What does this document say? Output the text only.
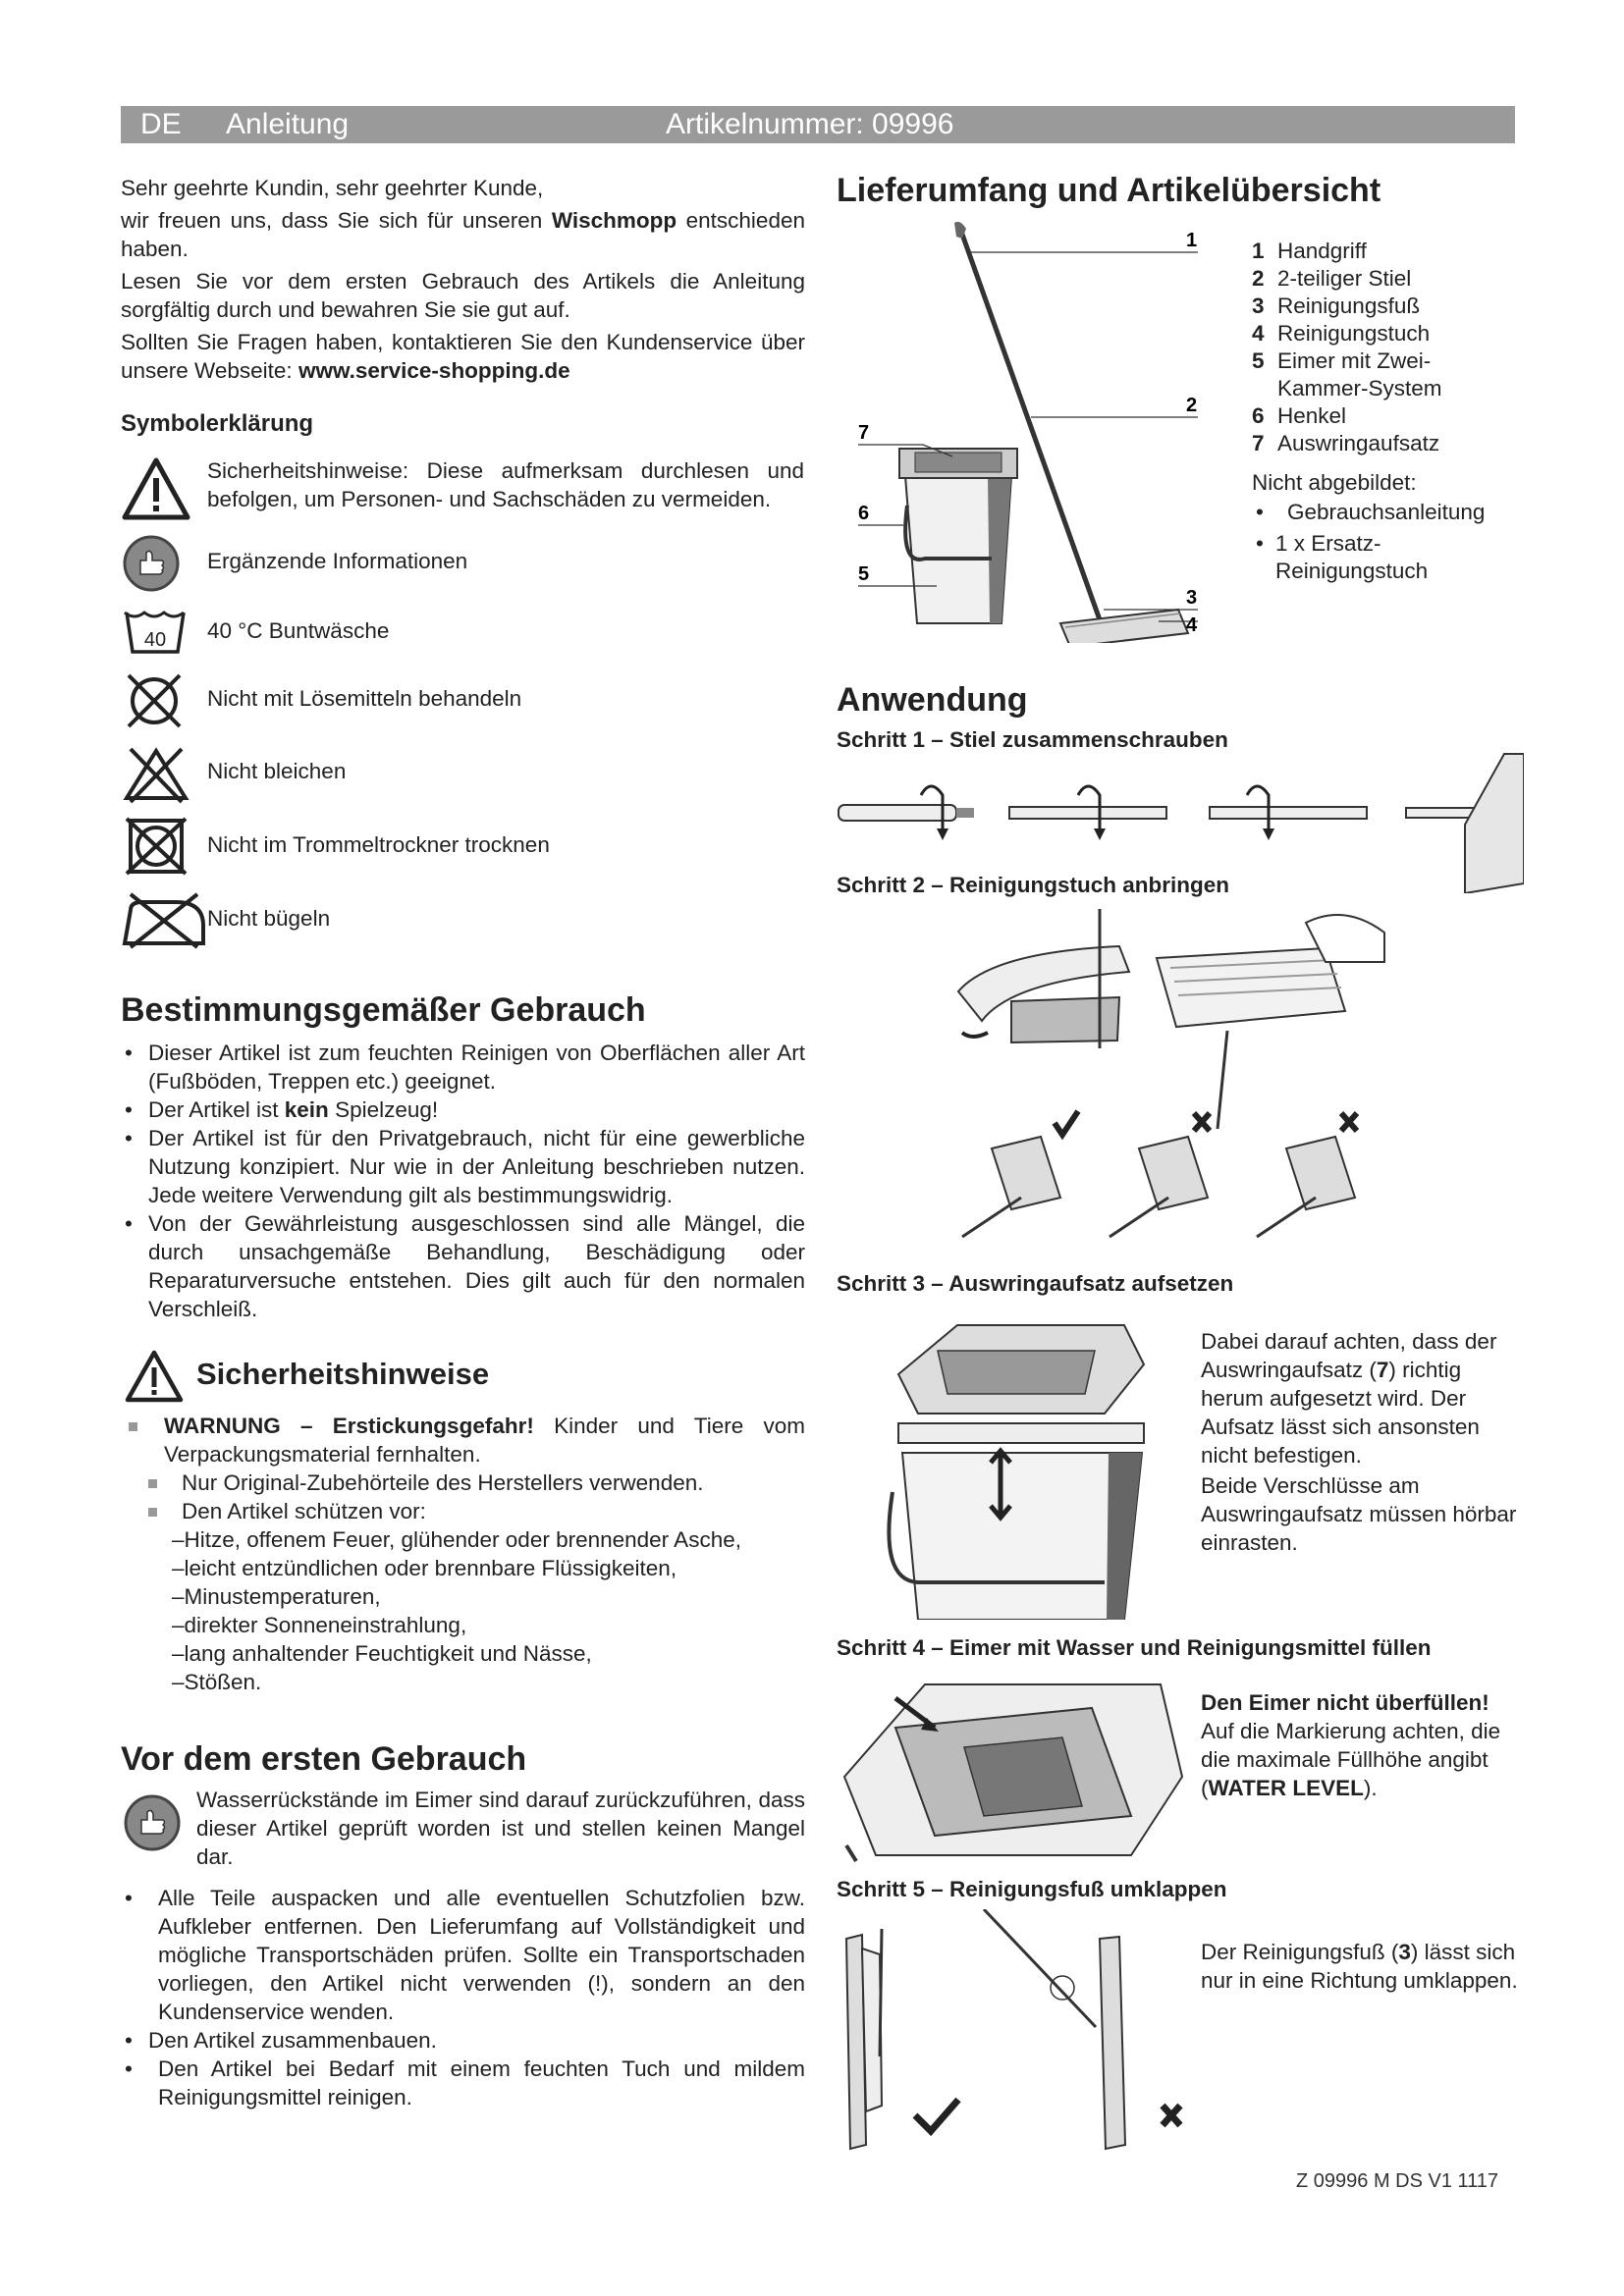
DE Anleitung	Artikelnummer: 09996
Sehr geehrte Kundin, sehr geehrter Kunde,
wir freuen uns, dass Sie sich für unseren Wischmopp entschieden haben.
Lesen Sie vor dem ersten Gebrauch des Artikels die Anleitung sorgfältig durch und bewahren Sie sie gut auf.
Sollten Sie Fragen haben, kontaktieren Sie den Kundenservice über unsere Webseite: www.service-shopping.de
Symbolerklärung
Sicherheitshinweise: Diese aufmerksam durchlesen und befolgen, um Personen- und Sachschäden zu vermeiden.
Ergänzende Informationen
40 40 °C Buntwäsche
Nicht mit Lösemitteln behandeln
Nicht bleichen
Nicht im Trommeltrockner trocknen
Nicht bügeln
Bestimmungsgemäßer Gebrauch
• Dieser Artikel ist zum feuchten Reinigen von Oberflächen aller Art (Fußböden, Treppen etc.) geeignet.
• Der Artikel ist kein Spielzeug!
• Der Artikel ist für den Privatgebrauch, nicht für eine gewerbliche Nutzung konzipiert. Nur wie in der Anleitung beschrieben nutzen. Jede weitere Verwendung gilt als bestimmungswidrig.
• Von der Gewährleistung ausgeschlossen sind alle Mängel, die durch unsachgemäße Behandlung, Beschädigung oder Reparaturversuche entstehen. Dies gilt auch für den normalen Verschleiß.
Sicherheitshinweise
WARNUNG – Erstickungsgefahr! Kinder und Tiere vom Verpackungsmaterial fernhalten.
Nur Original-Zubehörteile des Herstellers verwenden.
Den Artikel schützen vor:
–Hitze, offenem Feuer, glühender oder brennender Asche,
–leicht entzündlichen oder brennbare Flüssigkeiten,
–Minustemperaturen,
–direkter Sonneneinstrahlung,
–lang anhaltender Feuchtigkeit und Nässe,
–Stößen.
Vor dem ersten Gebrauch
Wasserrückstände im Eimer sind darauf zurückzuführen, dass dieser Artikel geprüft worden ist und stellen keinen Mangel dar.
• Alle Teile auspacken und alle eventuellen Schutzfolien bzw. Aufkleber entfernen. Den Lieferumfang auf Vollständigkeit und mögliche Transportschäden prüfen. Sollte ein Transportschaden vorliegen, den Artikel nicht verwenden (!), sondern an den Kundenservice wenden.
• Den Artikel zusammenbauen.
• Den Artikel bei Bedarf mit einem feuchten Tuch und mildem Reinigungsmittel reinigen.
Lieferumfang und Artikelübersicht
1
2
3
4
7
6
5
1 Handgriff
2 2-teiliger Stiel
3 Reinigungsfuß
4 Reinigungstuch
5 Eimer mit Zwei-Kammer-System
6 Henkel
7 Auswringaufsatz
Nicht abgebildet:
• Gebrauchsanleitung
• 1 x Ersatz-Reinigungstuch
Anwendung
Schritt 1 – Stiel zusammenschrauben
Schritt 2 – Reinigungstuch anbringen
Schritt 3 – Auswringaufsatz aufsetzen
Dabei darauf achten, dass der Auswringaufsatz (7) richtig herum aufgesetzt wird. Der Aufsatz lässt sich ansonsten nicht befestigen.
Beide Verschlüsse am Auswringaufsatz müssen hörbar einrasten.
Schritt 4 – Eimer mit Wasser und Reinigungsmittel füllen
Den Eimer nicht überfüllen!
Auf die Markierung achten, die die maximale Füllhöhe angibt (WATER LEVEL).
Schritt 5 – Reinigungsfuß umklappen
Der Reinigungsfuß (3) lässt sich nur in eine Richtung umklappen.
Z 09996 M DS V1 1117
